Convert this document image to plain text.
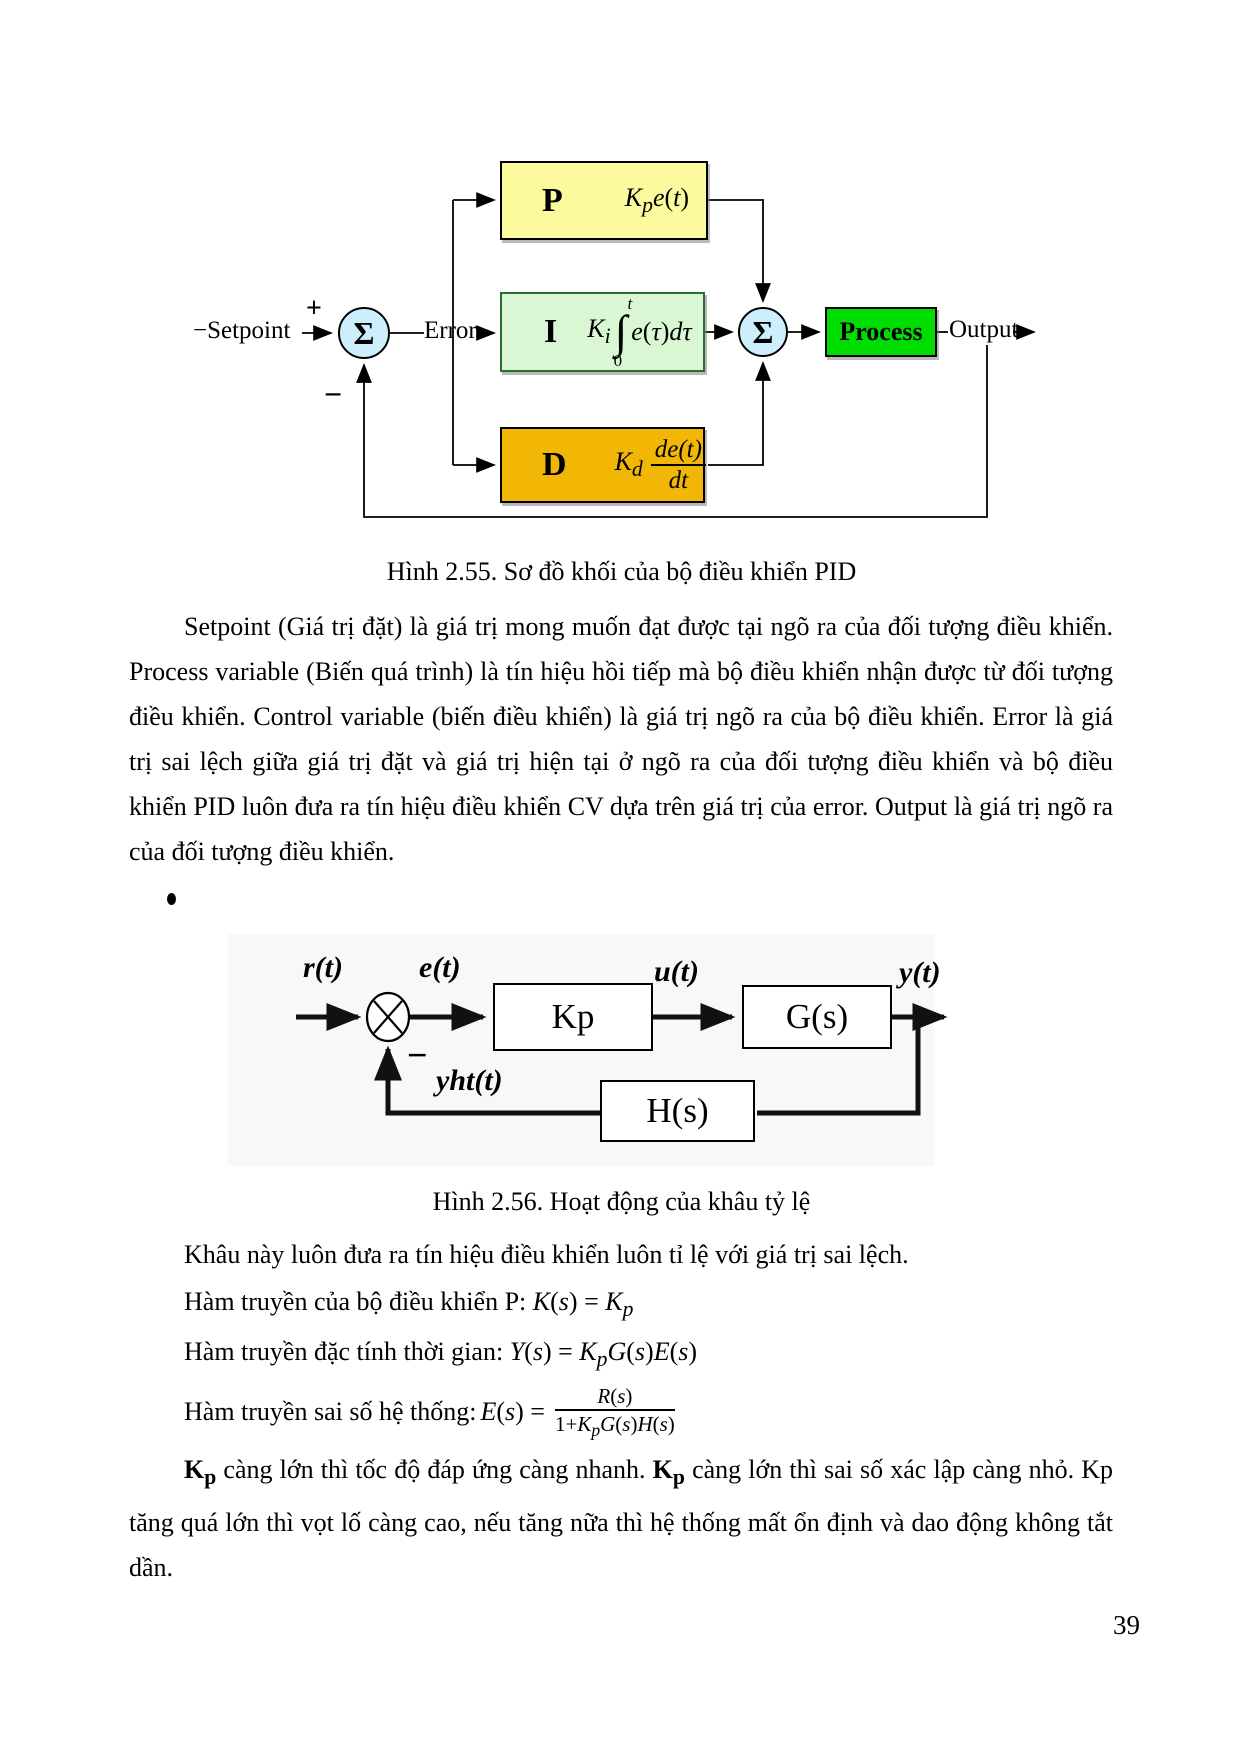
−Setpoint
+
−
Σ Error
P $K_pe(t)$
I $K_i$
t
∫
0
e(τ)dτ
D $K_d \frac{de(t)}{dt}$
Σ	Process Output
Hình 2.55. Sơ đồ khối của bộ điều khiển PID
Setpoint (Giá trị đặt) là giá trị mong muốn đạt được tại ngõ ra của đối tượng điều khiển. Process variable (Biến quá trình) là tín hiệu hồi tiếp mà bộ điều khiển nhận được từ đối tượng điều khiển. Control variable (biến điều khiển) là giá trị ngõ ra của bộ điều khiển. Error là giá trị sai lệch giữa giá trị đặt và giá trị hiện tại ở ngõ ra của đối tượng điều khiển và bộ điều khiển PID luôn đưa ra tín hiệu điều khiển CV dựa trên giá trị của error. Output là giá trị ngõ ra của đối tượng điều khiển.
r(t)	e(t)	u(t)	y(t)
−
yht(t)
Kp	G(s)
H(s)
Hình 2.56. Hoạt động của khâu tỷ lệ
Khâu này luôn đưa ra tín hiệu điều khiển luôn tỉ lệ với giá trị sai lệch.
Hàm truyền của bộ điều khiển P: $K(s) = K_p$
Hàm truyền đặc tính thời gian: $Y(s) = K_pG(s)E(s)$
Hàm truyền sai số hệ thống: $E(s) = \frac{R(s)}{1+K_pG(s)H(s)}$
$K_p$ càng lớn thì tốc độ đáp ứng càng nhanh. $K_p$ càng lớn thì sai số xác lập càng nhỏ. Kp tăng quá lớn thì vọt lố càng cao, nếu tăng nữa thì hệ thống mất ổn định và dao động không tắt dần.
39
